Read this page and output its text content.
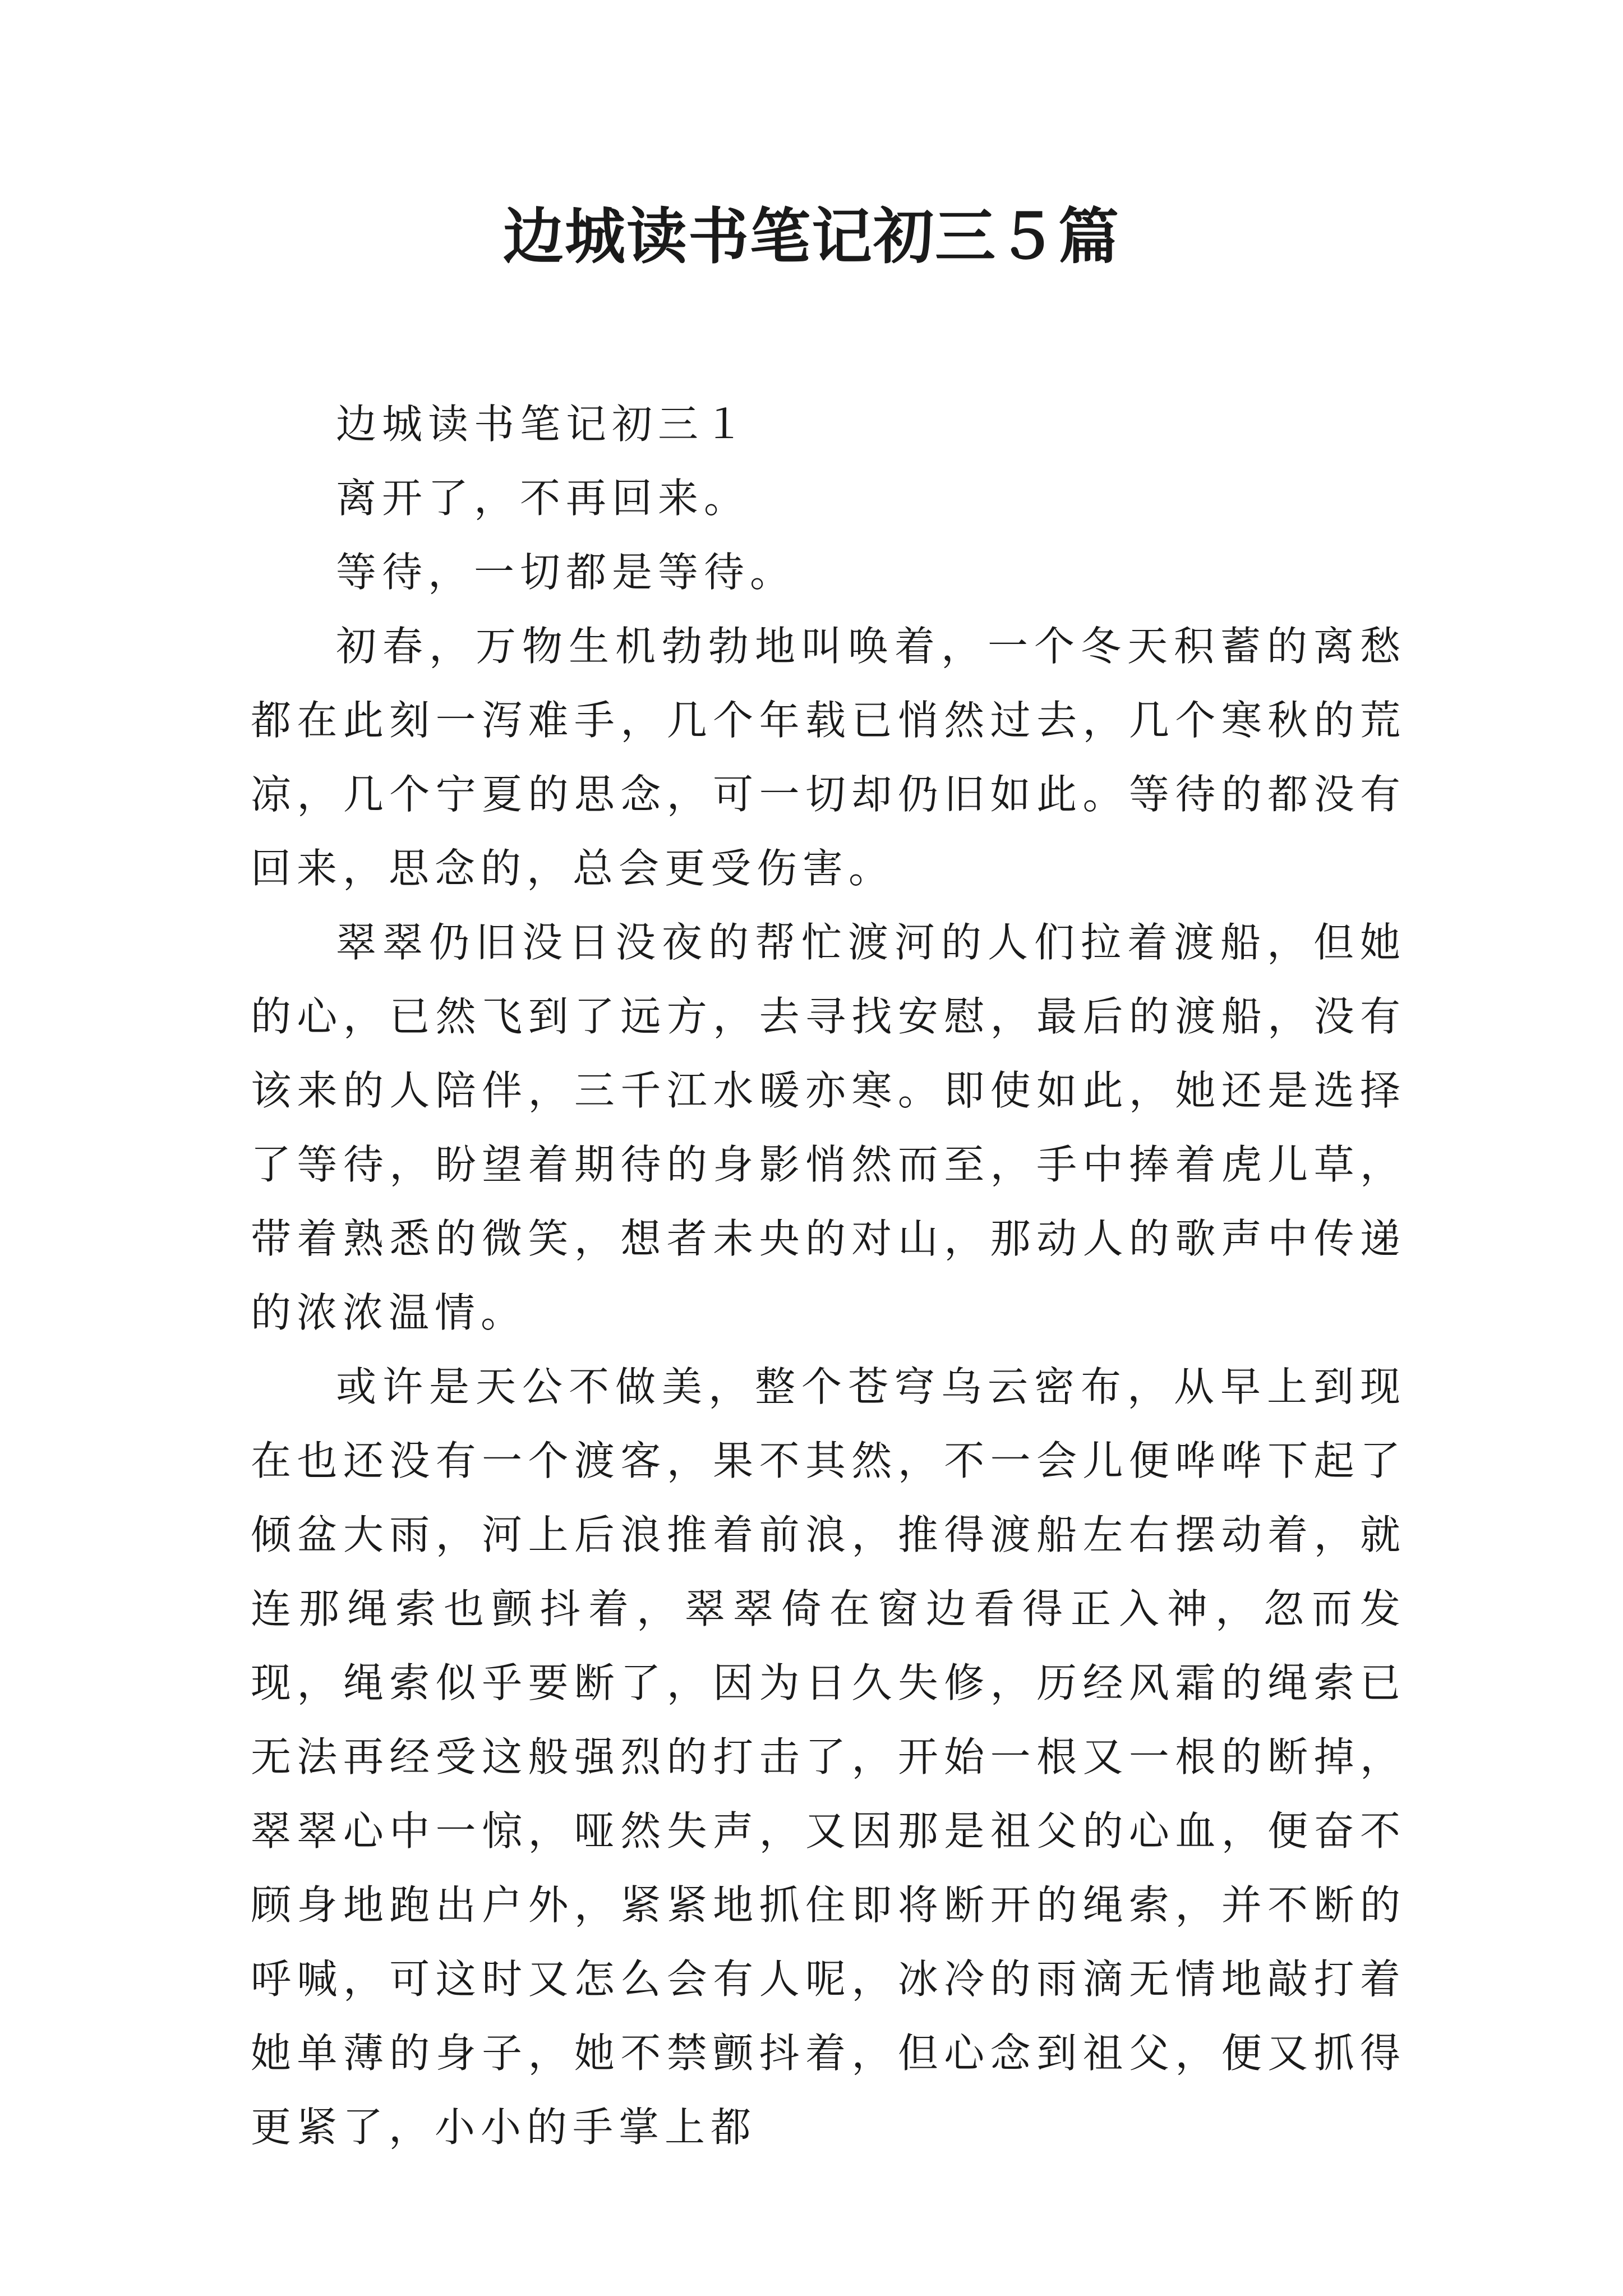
边城读书笔记初三５篇

边城读书笔记初三１

离开了，不再回来。

等待，一切都是等待。

初春，万物生机勃勃地叫唤着，一个冬天积蓄的离愁都在此刻一泻难手，几个年载已悄然过去，几个寒秋的荒凉，几个宁夏的思念，可一切却仍旧如此。等待的都没有回来，思念的，总会更受伤害。

翠翠仍旧没日没夜的帮忙渡河的人们拉着渡船，但她的心，已然飞到了远方，去寻找安慰，最后的渡船，没有该来的人陪伴，三千江水暖亦寒。即使如此，她还是选择了等待，盼望着期待的身影悄然而至，手中捧着虎儿草，带着熟悉的微笑，想者未央的对山，那动人的歌声中传递的浓浓温情。

或许是天公不做美，整个苍穹乌云密布，从早上到现在也还没有一个渡客，果不其然，不一会儿便哗哗下起了倾盆大雨，河上后浪推着前浪，推得渡船左右摆动着，就连那绳索也颤抖着，翠翠倚在窗边看得正入神，忽而发现，绳索似乎要断了，因为日久失修，历经风霜的绳索已无法再经受这般强烈的打击了，开始一根又一根的断掉，翠翠心中一惊，哑然失声，又因那是祖父的心血，便奋不顾身地跑出户外，紧紧地抓住即将断开的绳索，并不断的呼喊，可这时又怎么会有人呢，冰冷的雨滴无情地敲打着她单薄的身子，她不禁颤抖着，但心念到祖父，便又抓得更紧了，小小的手掌上都
